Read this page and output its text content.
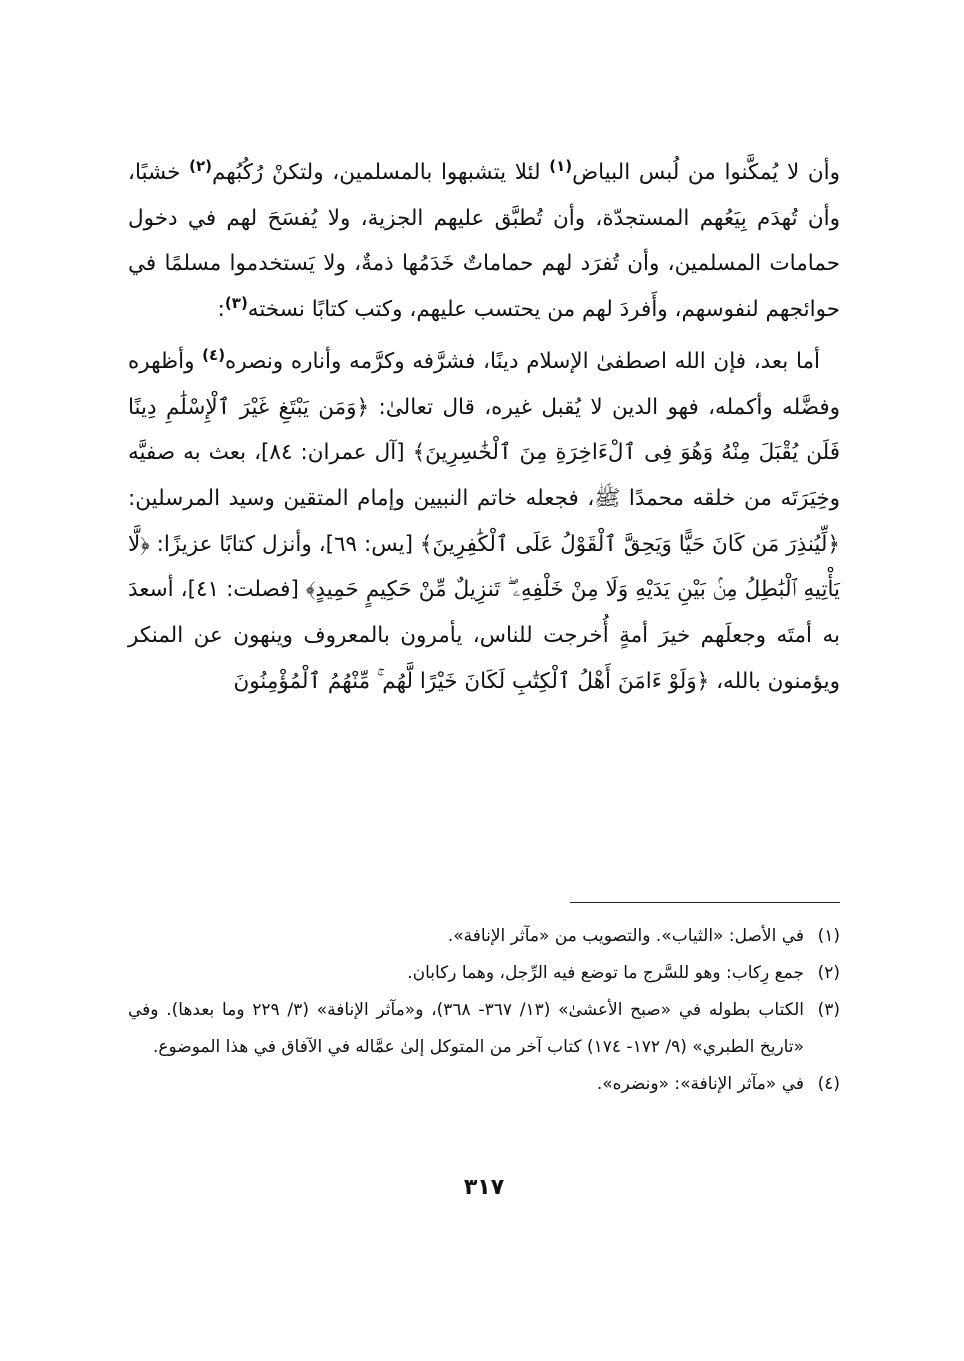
وأن لا يُمكَّنوا من لُبس البياض$^{(١)}$ لئلا يتشبهوا بالمسلمين، ولتكنْ رُكُبُهم$^{(٢)}$ خشبًا، وأن تُهدَم بِيَعُهم المستجدّة، وأن تُطبَّق عليهم الجزية، ولا يُفسَحَ لهم في دخول حمامات المسلمين، وأن تُفرَد لهم حماماتٌ خَدَمُها ذمةٌ، ولا يَستخدموا مسلمًا في حوائجهم لنفوسهم، وأَفردَ لهم من يحتسب عليهم، وكتب كتابًا نسخته$^{(٣)}$:

أما بعد، فإن الله اصطفىٰ الإسلام دينًا، فشرَّفه وكرَّمه وأناره ونصره$^{(٤)}$ وأظهره وفضَّله وأكمله، فهو الدين لا يُقبل غيره، قال تعالىٰ: ﴿وَمَن يَبْتَغِ غَيْرَ ٱلْإِسْلَٰمِ دِينًا فَلَن يُقْبَلَ مِنْهُ وَهُوَ فِى ٱلْءَاخِرَةِ مِنَ ٱلْخَٰسِرِينَ﴾ [آل عمران: ٨٤]، بعث به صفيَّه وخِيَرَتَه من خلقه محمدًا ﷺ، فجعله خاتم النبيين وإمام المتقين وسيد المرسلين: ﴿لِّيُنذِرَ مَن كَانَ حَيًّا وَيَحِقَّ ٱلْقَوْلُ عَلَى ٱلْكَٰفِرِينَ﴾ [يس: ٦٩]، وأنزل كتابًا عزيزًا: ﴿لَّا يَأْتِيهِ ٱلْبَٰطِلُ مِنۢ بَيْنِ يَدَيْهِ وَلَا مِنْ خَلْفِهِۦ ۖ تَنزِيلٌ مِّنْ حَكِيمٍ حَمِيدٍ﴾ [فصلت: ٤١]، أسعدَ به أمتَه وجعلَهم خيرَ أمةٍ أُخرجت للناس، يأمرون بالمعروف وينهون عن المنكر ويؤمنون بالله، ﴿وَلَوْ ءَامَنَ أَهْلُ ٱلْكِتَٰبِ لَكَانَ خَيْرًا لَّهُم ۚ مِّنْهُمُ ٱلْمُؤْمِنُونَ

(١)
في الأصل: «الثياب». والتصويب من «مآثر الإنافة».
(٢)
جمع رِكاب: وهو للسَّرج ما توضع فيه الرِّجل، وهما ركابان.
(٣)
الكتاب بطوله في «صبح الأعشىٰ» (١٣/ ٣٦٧- ٣٦٨)، و«مآثر الإنافة» (٣/ ٢٢٩ وما بعدها). وفي «تاريخ الطبري» (٩/ ١٧٢- ١٧٤) كتاب آخر من المتوكل إلىٰ عمَّاله في الآفاق في هذا الموضوع.
(٤)
في «مآثر الإنافة»: «ونضره».
٣١٧
